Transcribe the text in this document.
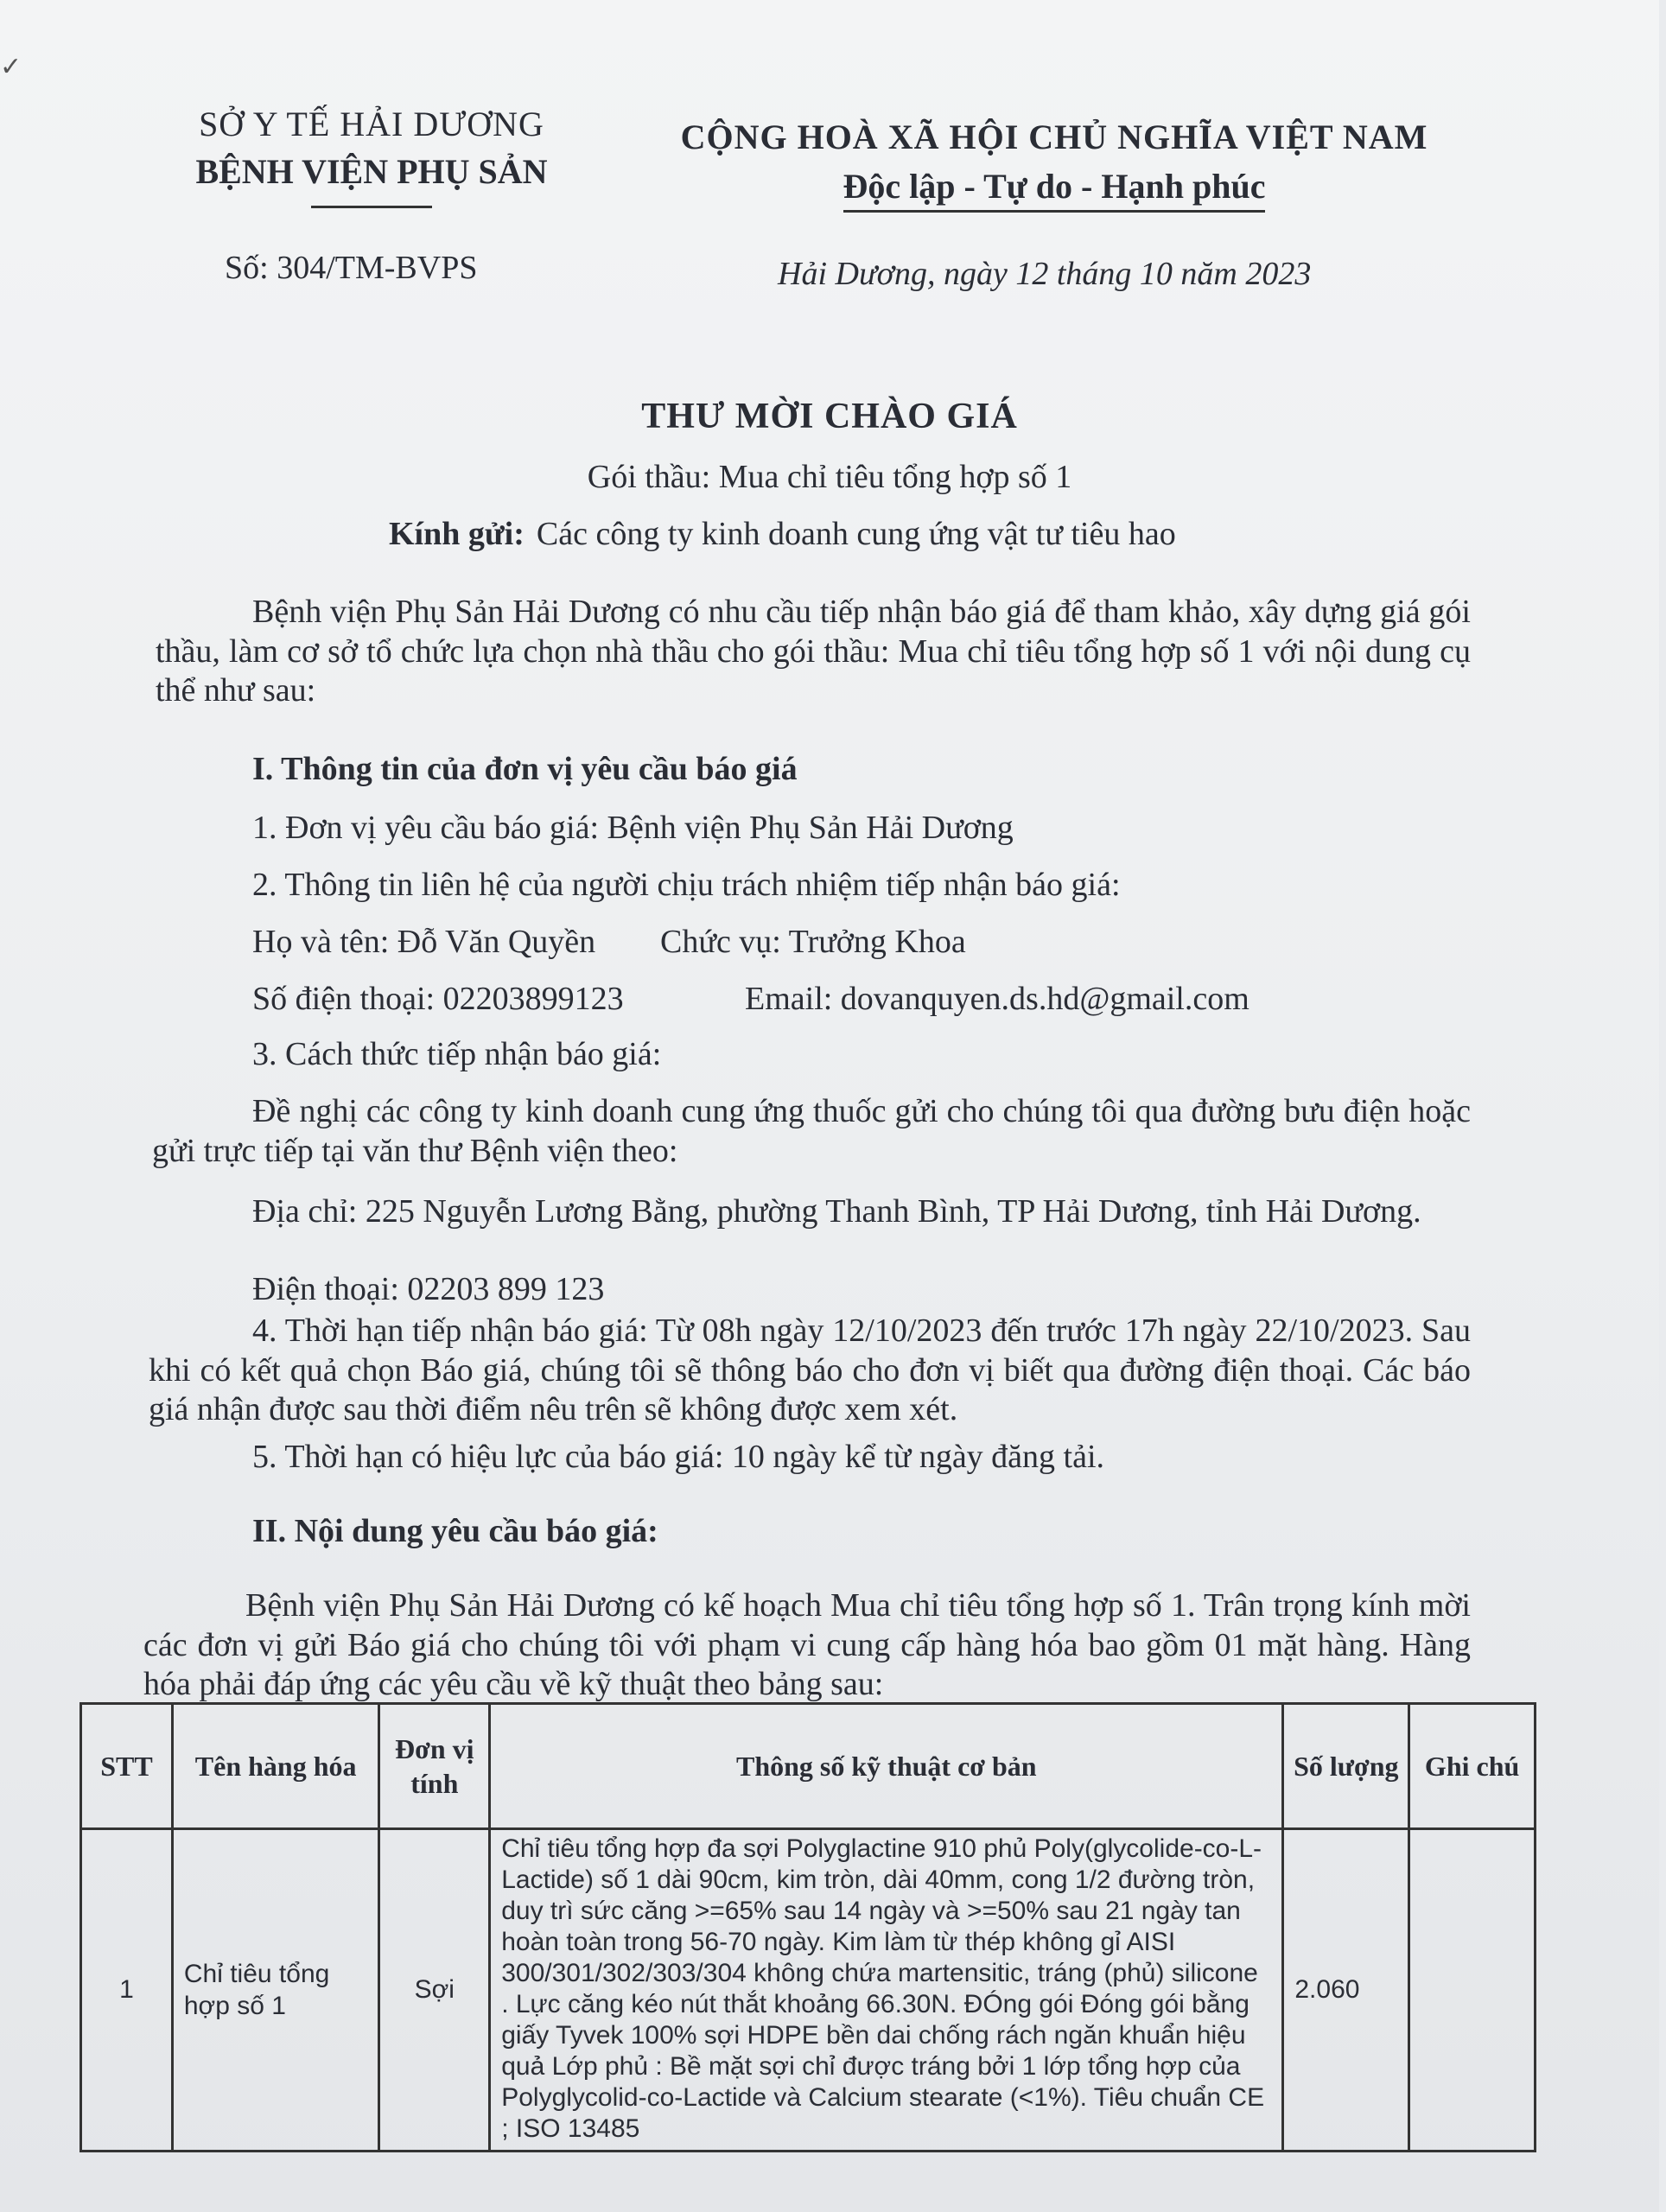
✓
SỞ Y TẾ HẢI DƯƠNG
BỆNH VIỆN PHỤ SẢN
CỘNG HOÀ XÃ HỘI CHỦ NGHĨA VIỆT NAM
Độc lập - Tự do - Hạnh phúc
Số: 304/TM-BVPS	Hải Dương, ngày 12 tháng 10 năm 2023
THƯ MỜI CHÀO GIÁ
Gói thầu: Mua chỉ tiêu tổng hợp số 1
Kính gửi: Các công ty kinh doanh cung ứng vật tư tiêu hao
Bệnh viện Phụ Sản Hải Dương có nhu cầu tiếp nhận báo giá để tham khảo, xây dựng giá gói thầu, làm cơ sở tổ chức lựa chọn nhà thầu cho gói thầu: Mua chỉ tiêu tổng hợp số 1 với nội dung cụ thể như sau:
I. Thông tin của đơn vị yêu cầu báo giá
1. Đơn vị yêu cầu báo giá: Bệnh viện Phụ Sản Hải Dương
2. Thông tin liên hệ của người chịu trách nhiệm tiếp nhận báo giá:
Họ và tên: Đỗ Văn Quyền Chức vụ: Trưởng Khoa
Số điện thoại: 02203899123	Email: dovanquyen.ds.hd@gmail.com
3. Cách thức tiếp nhận báo giá:
Đề nghị các công ty kinh doanh cung ứng thuốc gửi cho chúng tôi qua đường bưu điện hoặc gửi trực tiếp tại văn thư Bệnh viện theo:
Địa chỉ: 225 Nguyễn Lương Bằng, phường Thanh Bình, TP Hải Dương, tỉnh Hải Dương.
Điện thoại: 02203 899 123
4. Thời hạn tiếp nhận báo giá: Từ 08h ngày 12/10/2023 đến trước 17h ngày 22/10/2023. Sau khi có kết quả chọn Báo giá, chúng tôi sẽ thông báo cho đơn vị biết qua đường điện thoại. Các báo giá nhận được sau thời điểm nêu trên sẽ không được xem xét.
5. Thời hạn có hiệu lực của báo giá: 10 ngày kể từ ngày đăng tải.
II. Nội dung yêu cầu báo giá:
Bệnh viện Phụ Sản Hải Dương có kế hoạch Mua chỉ tiêu tổng hợp số 1. Trân trọng kính mời các đơn vị gửi Báo giá cho chúng tôi với phạm vi cung cấp hàng hóa bao gồm 01 mặt hàng. Hàng hóa phải đáp ứng các yêu cầu về kỹ thuật theo bảng sau:
STT	Tên hàng hóa	Đơn vị tính	Thông số kỹ thuật cơ bản	Số lượng	Ghi chú
1	Chỉ tiêu tổng hợp số 1	Sợi	Chỉ tiêu tổng hợp đa sợi Polyglactine 910 phủ Poly(glycolide-co-L-Lactide) số 1 dài 90cm, kim tròn, dài 40mm, cong 1/2 đường tròn, duy trì sức căng >=65% sau 14 ngày và >=50% sau 21 ngày tan hoàn toàn trong 56-70 ngày. Kim làm từ thép không gỉ AISI 300/301/302/303/304 không chứa martensitic, tráng (phủ) silicone . Lực căng kéo nút thắt khoảng 66.30N. ĐÓng gói Đóng gói bằng giấy Tyvek 100% sợi HDPE bền dai chống rách ngăn khuẩn hiệu quả Lớp phủ : Bề mặt sợi chỉ được tráng bởi 1 lớp tổng hợp của Polyglycolid-co-Lactide và Calcium stearate (<1%). Tiêu chuẩn CE ; ISO 13485	2.060	
